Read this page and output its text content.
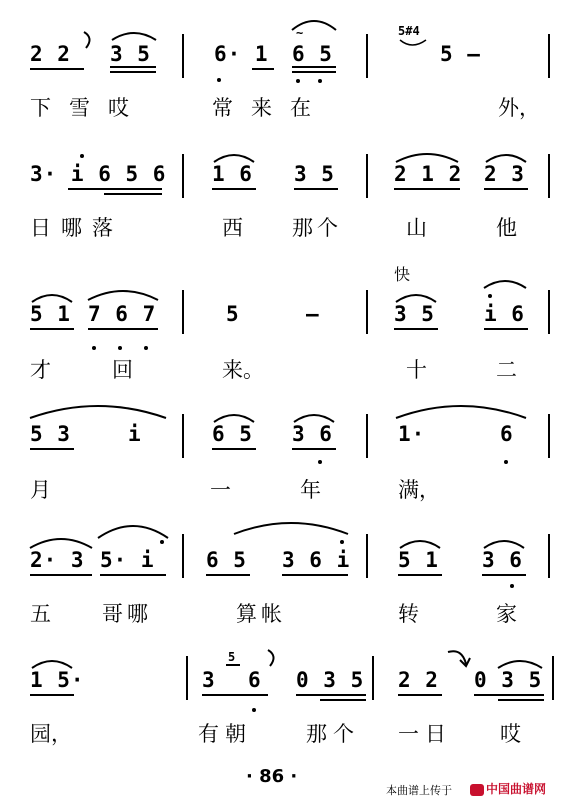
2 2 3 5	6· 1 6 5
~	5#4
5 —
下雪哎	常来在	外，
3· i 6 5 6 1 6 3 5	2 1 2 2 3
日哪落	西 那个	山	他
快
5 1 7 6 7	5	—	3 5 i 6
才	回	来。	十	二
5 3	i	6 5 3 6	1·	6
月	一	年	满，
2· 3 5· i 6 5 3 6 i 5 1 3 6
五 哥哪	算帐	转	家
1 5·	3
5
6 0 3 5 2 2 0 3 5
园，	有朝	那个 一日 哎
· 86 ·
本曲谱上传于	中国曲谱网
